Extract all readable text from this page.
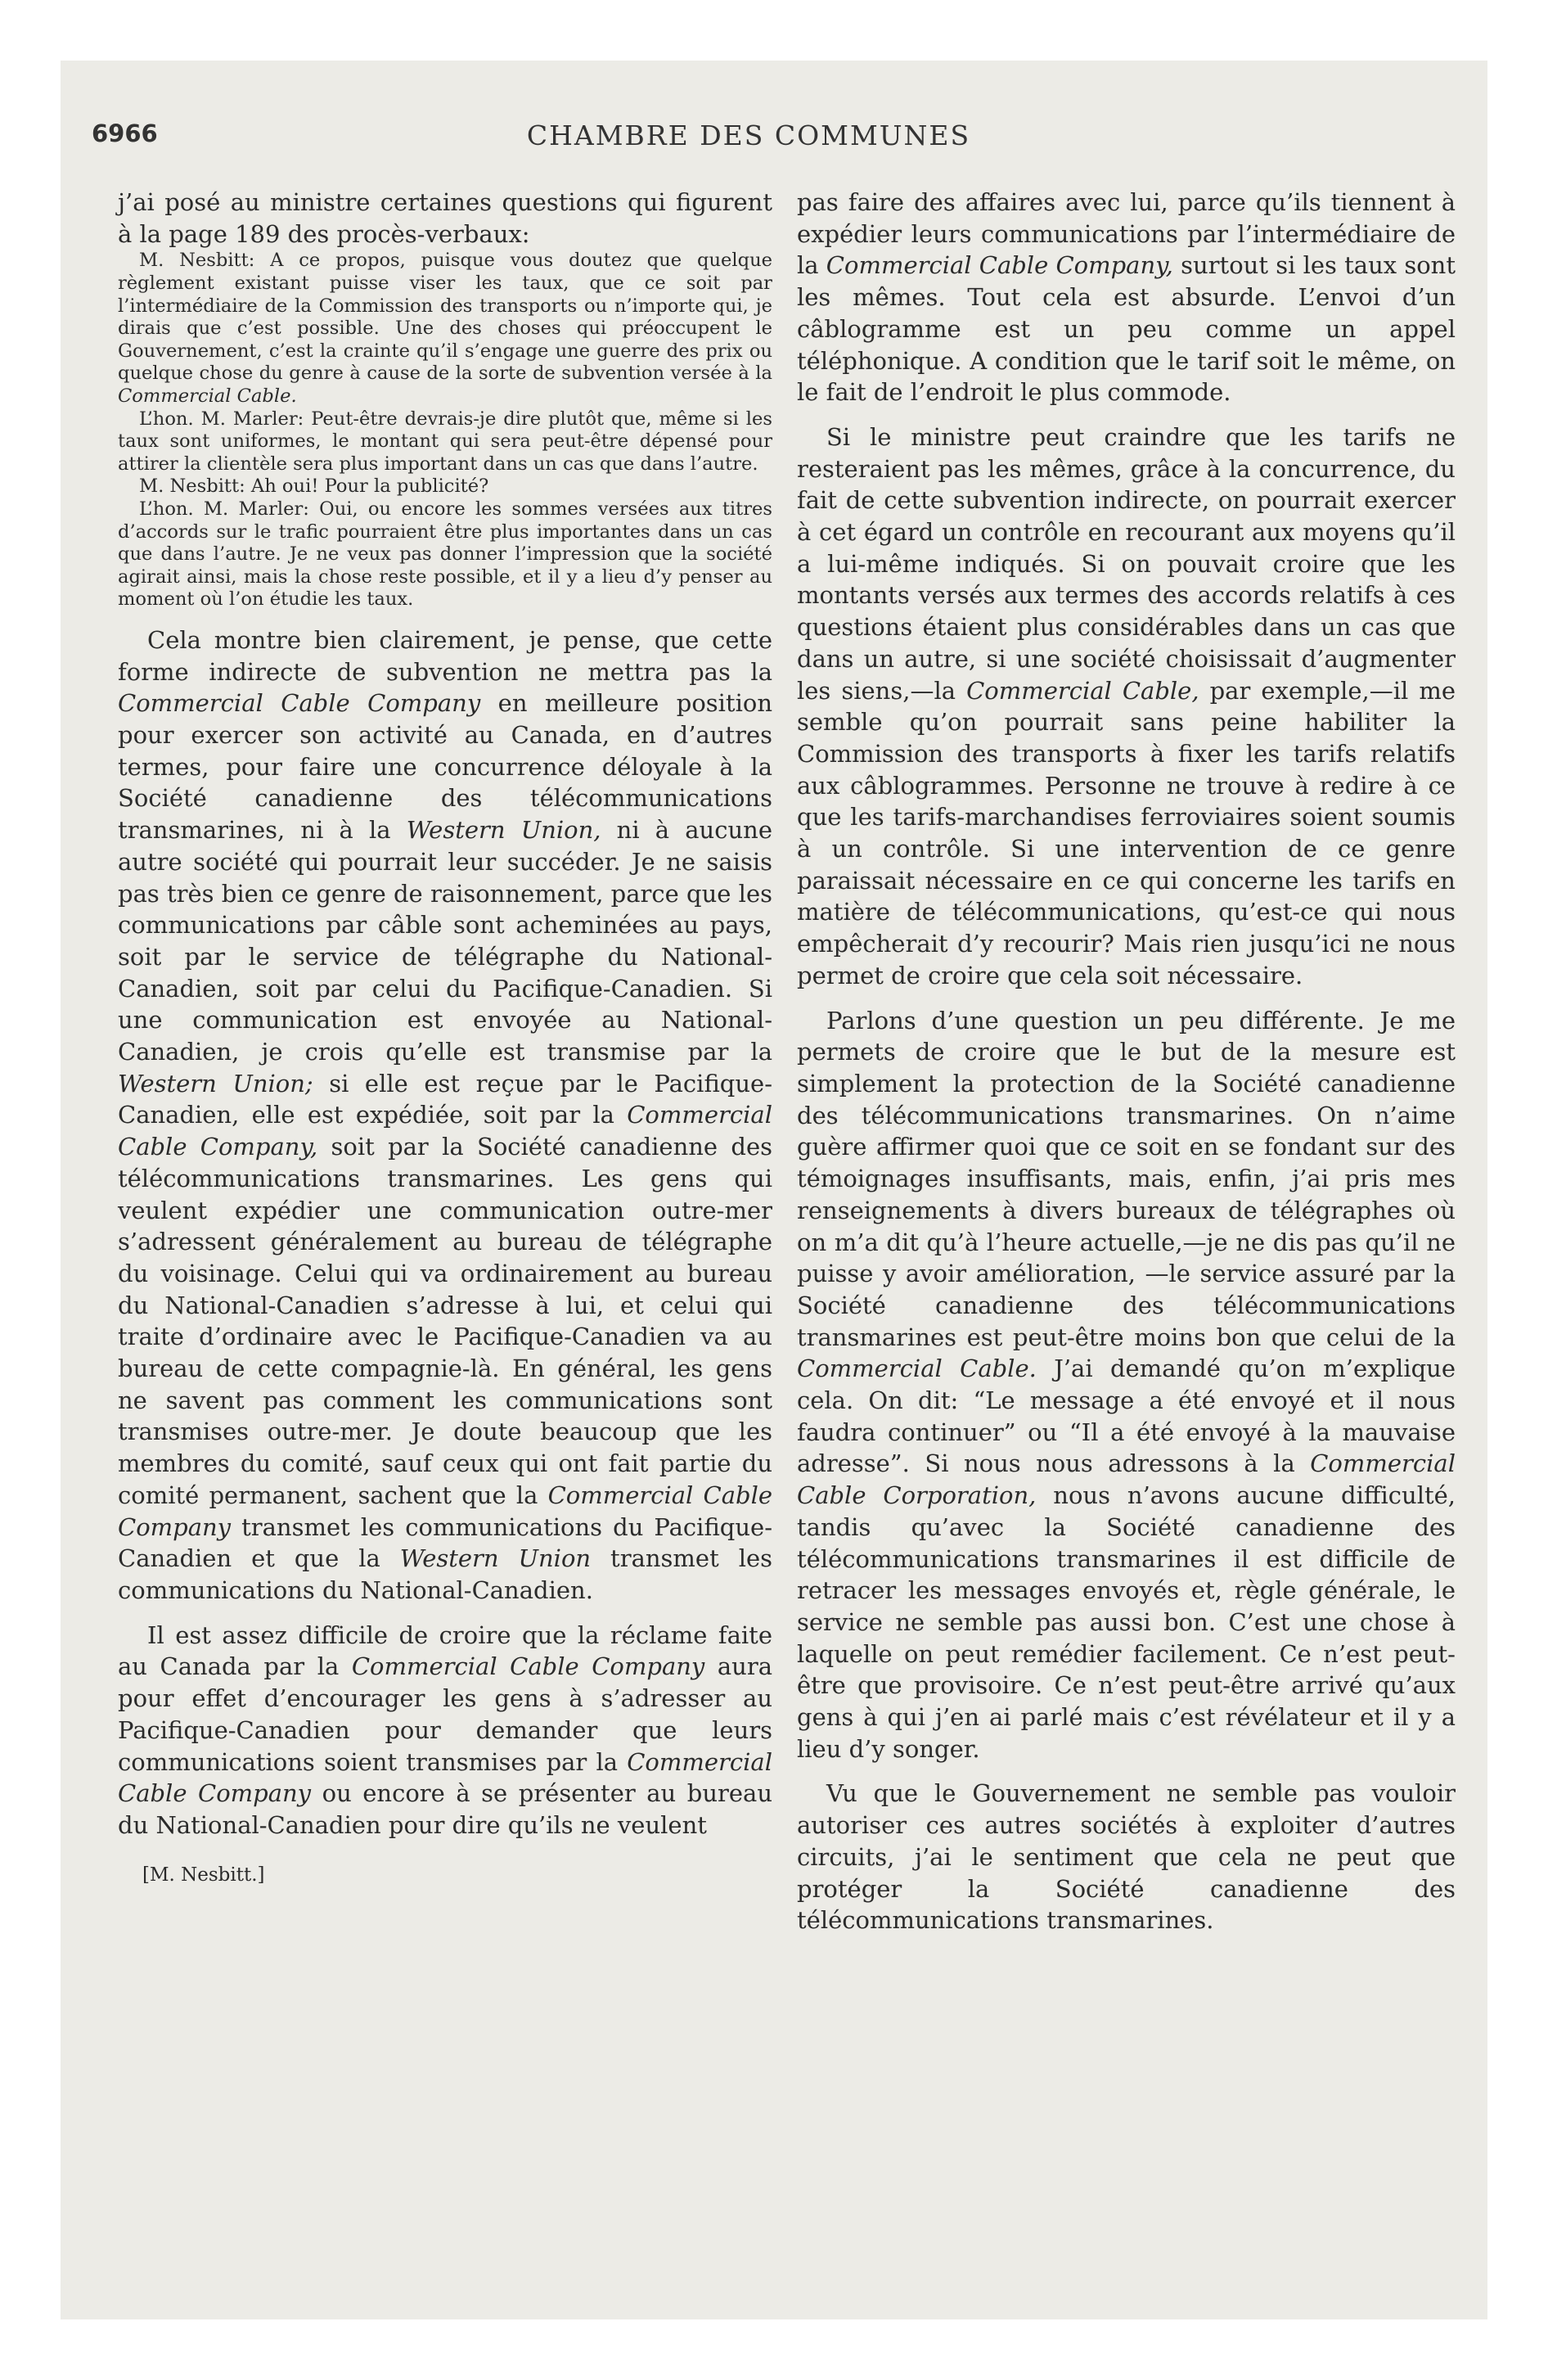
6966	CHAMBRE DES COMMUNES

j’ai posé au ministre certaines questions qui figurent à la page 189 des procès-verbaux:

M. Nesbitt: A ce propos, puisque vous doutez que quelque règlement existant puisse viser les taux, que ce soit par l’intermédiaire de la Commission des transports ou n’importe qui, je dirais que c’est possible. Une des choses qui préoccupent le Gouvernement, c’est la crainte qu’il s’engage une guerre des prix ou quelque chose du genre à cause de la sorte de subvention versée à la Commercial Cable.

L’hon. M. Marler: Peut-être devrais-je dire plutôt que, même si les taux sont uniformes, le montant qui sera peut-être dépensé pour attirer la clientèle sera plus important dans un cas que dans l’autre.

M. Nesbitt: Ah oui! Pour la publicité?

L’hon. M. Marler: Oui, ou encore les sommes versées aux titres d’accords sur le trafic pourraient être plus importantes dans un cas que dans l’autre. Je ne veux pas donner l’impression que la société agirait ainsi, mais la chose reste possible, et il y a lieu d’y penser au moment où l’on étudie les taux.

Cela montre bien clairement, je pense, que cette forme indirecte de subvention ne mettra pas la Commercial Cable Company en meilleure position pour exercer son activité au Canada, en d’autres termes, pour faire une concurrence déloyale à la Société canadienne des télécommunications transmarines, ni à la Western Union, ni à aucune autre société qui pourrait leur succéder. Je ne saisis pas très bien ce genre de raisonnement, parce que les communications par câble sont acheminées au pays, soit par le service de télégraphe du National-Canadien, soit par celui du Pacifique-Canadien. Si une communication est envoyée au National-Canadien, je crois qu’elle est transmise par la Western Union; si elle est reçue par le Pacifique-Canadien, elle est expédiée, soit par la Commercial Cable Company, soit par la Société canadienne des télécommunications transmarines. Les gens qui veulent expédier une communication outre-mer s’adressent généralement au bureau de télégraphe du voisinage. Celui qui va ordinairement au bureau du National-Canadien s’adresse à lui, et celui qui traite d’ordinaire avec le Pacifique-Canadien va au bureau de cette compagnie-là. En général, les gens ne savent pas comment les communications sont transmises outre-mer. Je doute beaucoup que les membres du comité, sauf ceux qui ont fait partie du comité permanent, sachent que la Commercial Cable Company transmet les communications du Pacifique-Canadien et que la Western Union transmet les communications du National-Canadien.

Il est assez difficile de croire que la réclame faite au Canada par la Commercial Cable Company aura pour effet d’encourager les gens à s’adresser au Pacifique-Canadien pour demander que leurs communications soient transmises par la Commercial Cable Company ou encore à se présenter au bureau du National-Canadien pour dire qu’ils ne veulent

[M. Nesbitt.]

pas faire des affaires avec lui, parce qu’ils tiennent à expédier leurs communications par l’intermédiaire de la Commercial Cable Company, surtout si les taux sont les mêmes. Tout cela est absurde. L’envoi d’un câblogramme est un peu comme un appel téléphonique. A condition que le tarif soit le même, on le fait de l’endroit le plus commode.

Si le ministre peut craindre que les tarifs ne resteraient pas les mêmes, grâce à la concurrence, du fait de cette subvention indirecte, on pourrait exercer à cet égard un contrôle en recourant aux moyens qu’il a lui-même indiqués. Si on pouvait croire que les montants versés aux termes des accords relatifs à ces questions étaient plus considérables dans un cas que dans un autre, si une société choisissait d’augmenter les siens,—la Commercial Cable, par exemple,—il me semble qu’on pourrait sans peine habiliter la Commission des transports à fixer les tarifs relatifs aux câblogrammes. Personne ne trouve à redire à ce que les tarifs-marchandises ferroviaires soient soumis à un contrôle. Si une intervention de ce genre paraissait nécessaire en ce qui concerne les tarifs en matière de télécommunications, qu’est-ce qui nous empêcherait d’y recourir? Mais rien jusqu’ici ne nous permet de croire que cela soit nécessaire.

Parlons d’une question un peu différente. Je me permets de croire que le but de la mesure est simplement la protection de la Société canadienne des télécommunications transmarines. On n’aime guère affirmer quoi que ce soit en se fondant sur des témoignages insuffisants, mais, enfin, j’ai pris mes renseignements à divers bureaux de télégraphes où on m’a dit qu’à l’heure actuelle,—je ne dis pas qu’il ne puisse y avoir amélioration, —le service assuré par la Société canadienne des télécommunications transmarines est peut-être moins bon que celui de la Commercial Cable. J’ai demandé qu’on m’explique cela. On dit: “Le message a été envoyé et il nous faudra continuer” ou “Il a été envoyé à la mauvaise adresse”. Si nous nous adressons à la Commercial Cable Corporation, nous n’avons aucune difficulté, tandis qu’avec la Société canadienne des télécommunications transmarines il est difficile de retracer les messages envoyés et, règle générale, le service ne semble pas aussi bon. C’est une chose à laquelle on peut remédier facilement. Ce n’est peut-être que provisoire. Ce n’est peut-être arrivé qu’aux gens à qui j’en ai parlé mais c’est révélateur et il y a lieu d’y songer.

Vu que le Gouvernement ne semble pas vouloir autoriser ces autres sociétés à exploiter d’autres circuits, j’ai le sentiment que cela ne peut que protéger la Société canadienne des télécommunications transmarines.
